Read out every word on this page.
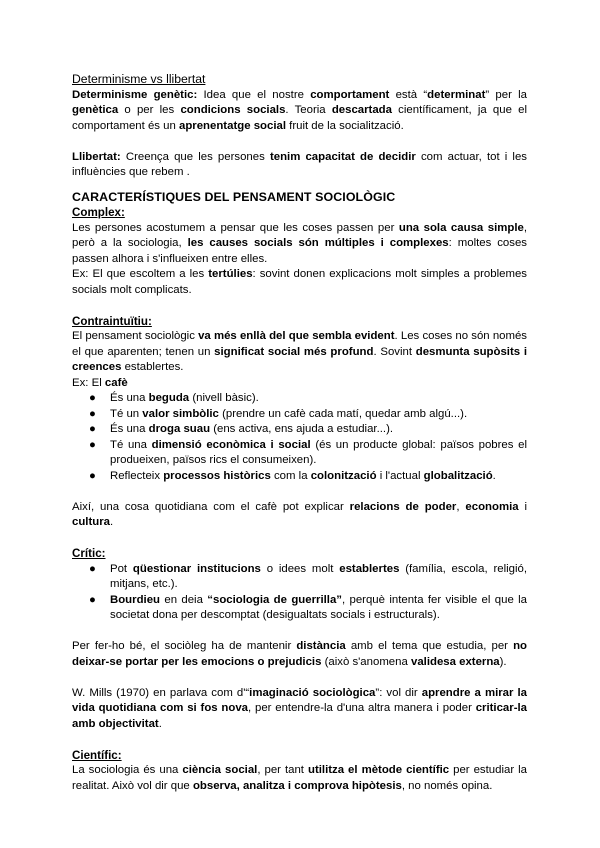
Determinisme vs llibertat

Determinisme genètic: Idea que el nostre comportament està “determinat” per la genètica o per les condicions socials. Teoria descartada científicament, ja que el comportament és un aprenentatge social fruit de la socialització.

Llibertat: Creença que les persones tenim capacitat de decidir com actuar, tot i les influències que rebem .

CARACTERÍSTIQUES DEL PENSAMENT SOCIOLÒGIC

Complex:

Les persones acostumem a pensar que les coses passen per una sola causa simple, però a la sociologia, les causes socials són múltiples i complexes: moltes coses passen alhora i s'influeixen entre elles.

Ex: El que escoltem a les tertúlies: sovint donen explicacions molt simples a problemes socials molt complicats.

Contraintuïtiu:

El pensament sociològic va més enllà del que sembla evident. Les coses no són només el que aparenten; tenen un significat social més profund. Sovint desmunta supòsits i creences establertes.

Ex: El cafè

● És una beguda (nivell bàsic).
● Té un valor simbòlic (prendre un cafè cada matí, quedar amb algú...).
● És una droga suau (ens activa, ens ajuda a estudiar...).
● Té una dimensió econòmica i social (és un producte global: països pobres el produeixen, països rics el consumeixen).
● Reflecteix processos històrics com la colonització i l'actual globalització.

Així, una cosa quotidiana com el cafè pot explicar relacions de poder, economia i cultura.

Crític:

● Pot qüestionar institucions o idees molt establertes (família, escola, religió, mitjans, etc.).
● Bourdieu en deia “sociologia de guerrilla”, perquè intenta fer visible el que la societat dona per descomptat (desigualtats socials i estructurals).

Per fer-ho bé, el sociòleg ha de mantenir distància amb el tema que estudia, per no deixar-se portar per les emocions o prejudicis (això s'anomena validesa externa).

W. Mills (1970) en parlava com d'“imaginació sociològica”: vol dir aprendre a mirar la vida quotidiana com si fos nova, per entendre-la d'una altra manera i poder criticar-la amb objectivitat.

Científic:

La sociologia és una ciència social, per tant utilitza el mètode científic per estudiar la realitat. Això vol dir que observa, analitza i comprova hipòtesis, no només opina.
